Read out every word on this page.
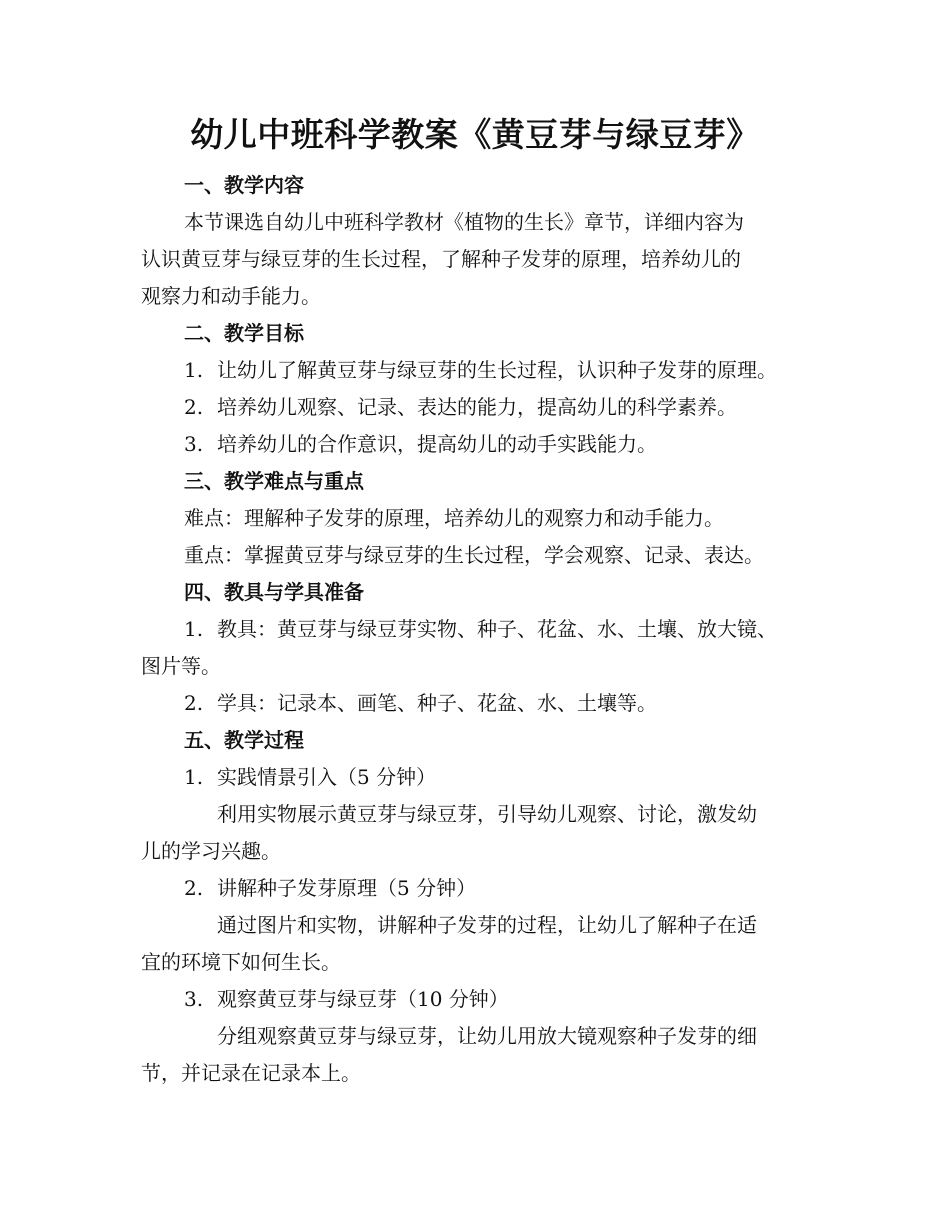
幼儿中班科学教案《黄豆芽与绿豆芽》
一、教学内容
本节课选自幼儿中班科学教材《植物的生长》章节，详细内容为
认识黄豆芽与绿豆芽的生长过程，了解种子发芽的原理，培养幼儿的
观察力和动手能力。
二、教学目标
1. 让幼儿了解黄豆芽与绿豆芽的生长过程，认识种子发芽的原理。
2. 培养幼儿观察、记录、表达的能力，提高幼儿的科学素养。
3. 培养幼儿的合作意识，提高幼儿的动手实践能力。
三、教学难点与重点
难点：理解种子发芽的原理，培养幼儿的观察力和动手能力。
重点：掌握黄豆芽与绿豆芽的生长过程，学会观察、记录、表达。
四、教具与学具准备
1. 教具：黄豆芽与绿豆芽实物、种子、花盆、水、土壤、放大镜、
图片等。
2. 学具：记录本、画笔、种子、花盆、水、土壤等。
五、教学过程
1. 实践情景引入（5 分钟）
利用实物展示黄豆芽与绿豆芽，引导幼儿观察、讨论，激发幼
儿的学习兴趣。
2. 讲解种子发芽原理（5 分钟）
通过图片和实物，讲解种子发芽的过程，让幼儿了解种子在适
宜的环境下如何生长。
3. 观察黄豆芽与绿豆芽（10 分钟）
分组观察黄豆芽与绿豆芽，让幼儿用放大镜观察种子发芽的细
节，并记录在记录本上。
